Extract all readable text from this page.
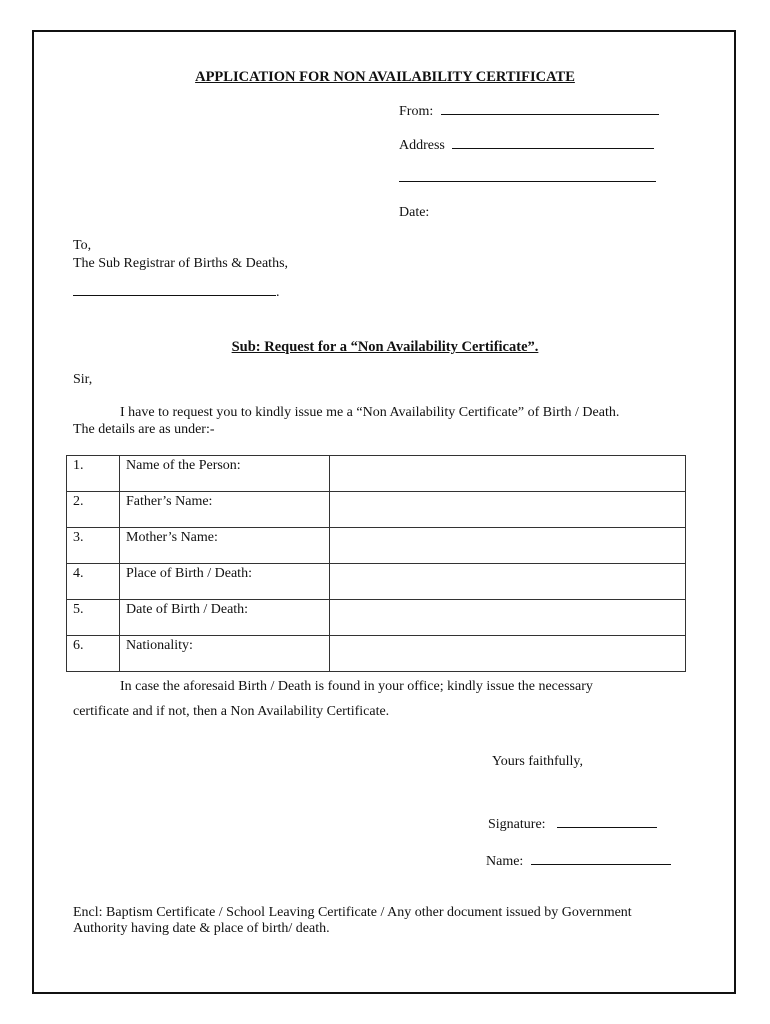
APPLICATION FOR NON AVAILABILITY CERTIFICATE
From:
Address
Date:
To,
The Sub Registrar of Births & Deaths,
.
Sub: Request for a “Non Availability Certificate”.
Sir,
I have to request you to kindly issue me a “Non Availability Certificate” of Birth / Death.
The details are as under:-
1.	Name of the Person:	
2.	Father’s Name:	
3.	Mother’s Name:	
4.	Place of Birth / Death:	
5.	Date of Birth / Death:	
6.	Nationality:	
In case the aforesaid Birth / Death is found in your office; kindly issue the necessary
certificate and if not, then a Non Availability Certificate.
Yours faithfully,
Signature:
Name:
Encl: Baptism Certificate / School Leaving Certificate / Any other document issued by Government
Authority having date & place of birth/ death.
